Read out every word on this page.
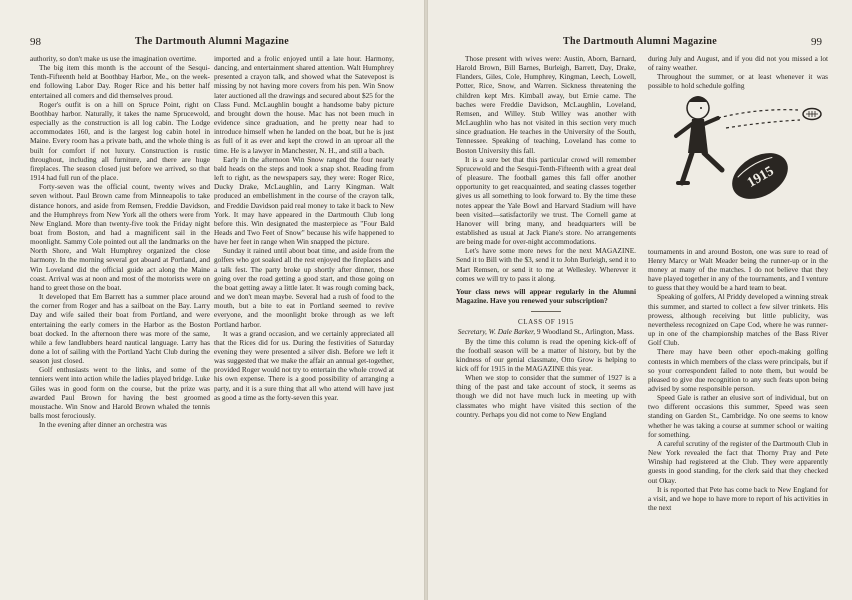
98	The Dartmouth Alumni Magazine

authority, so don't make us use the imagination overtime.

The big item this month is the account of the Sesqui-Tenth-Fifteenth held at Boothbay Harbor, Me., on the week-end following Labor Day. Roger Rice and his better half entertained all comers and did themselves proud.

Roger's outfit is on a hill on Spruce Point, right on Boothbay harbor. Naturally, it takes the name Sprucewold, especially as the construction is all log cabin. The Lodge accommodates 160, and is the largest log cabin hotel in Maine. Every room has a private bath, and the whole thing is built for comfort if not luxury. Construction is rustic throughout, including all furniture, and there are huge fireplaces. The season closed just before we arrived, so that 1914 had full run of the place.

Forty-seven was the official count, twenty wives and seven without. Paul Brown came from Minneapolis to take distance honors, and aside from Remsen, Freddie Davidson, and the Humphreys from New York all the others were from New England. More than twenty-five took the Friday night boat from Boston, and had a magnificent sail in the moonlight. Sammy Cole pointed out all the landmarks on the North Shore, and Walt Humphrey organized the close harmony. In the morning several got aboard at Portland, and Win Loveland did the official guide act along the Maine coast. Arrival was at noon and most of the motorists were on hand to greet those on the boat.

It developed that Em Barrett has a summer place around the corner from Roger and has a sailboat on the Bay. Larry Day and wife sailed their boat from Portland, and were entertaining the early comers in the Harbor as the Boston boat docked. In the afternoon there was more of the same, while a few landlubbers heard nautical language. Larry has done a lot of sailing with the Portland Yacht Club during the season just closed.

Golf enthusiasts went to the links, and some of the tenniers went into action while the ladies played bridge. Luke Giles was in good form on the course, but the prize was awarded Paul Brown for having the best groomed moustache. Win Snow and Harold Brown whaled the tennis balls most ferociously.

In the evening after dinner an orchestra was

imported and a frolic enjoyed until a late hour. Harmony, dancing, and entertainment shared attention. Walt Humphrey presented a crayon talk, and showed what the Satevepost is missing by not having more covers from his pen. Win Snow later auctioned all the drawings and secured about $25 for the Class Fund. McLaughlin bought a handsome baby picture and brought down the house. Mac has not been much in evidence since graduation, and he pretty near had to introduce himself when he landed on the boat, but he is just as full of it as ever and kept the crowd in an uproar all the time. He is a lawyer in Manchester, N. H., and still a bach.

Early in the afternoon Win Snow ranged the four nearly bald heads on the steps and took a snap shot. Reading from left to right, as the newspapers say, they were: Roger Rice, Ducky Drake, McLaughlin, and Larry Kingman. Walt produced an embellishment in the course of the crayon talk, and Freddie Davidson paid real money to take it back to New York. It may have appeared in the Dartmouth Club long before this. Win designated the masterpiece as "Four Bald Heads and Two Feet of Snow" because his wife happened to have her feet in range when Win snapped the picture.

Sunday it rained until about boat time, and aside from the golfers who got soaked all the rest enjoyed the fireplaces and a talk fest. The party broke up shortly after dinner, those going over the road getting a good start, and those going on the boat getting away a little later. It was rough coming back, and we don't mean maybe. Several had a rush of food to the mouth, but a bite to eat in Portland seemed to revive everyone, and the moonlight broke through as we left Portland harbor.

It was a grand occasion, and we certainly appreciated all that the Rices did for us. During the festivities of Saturday evening they were presented a silver dish. Before we left it was suggested that we make the affair an annual get-together, provided Roger would not try to entertain the whole crowd at his own expense. There is a good possibility of arranging a party, and it is a sure thing that all who attend will have just as good a time as the forty-seven this year.

The Dartmouth Alumni Magazine	99

Those present with wives were: Austin, Aborn, Barnard, Harold Brown, Bill Barnes, Burleigh, Barrett, Day, Drake, Flanders, Giles, Cole, Humphrey, Kingman, Leech, Lowell, Potter, Rice, Snow, and Warren. Sickness threatening the children kept Mrs. Kimball away, but Ernie came. The baches were Freddie Davidson, McLaughlin, Loveland, Remsen, and Willey. Stub Willey was another with McLaughlin who has not visited in this section very much since graduation. He teaches in the University of the South, Tennessee. Speaking of teaching, Loveland has come to Boston University this fall.

It is a sure bet that this particular crowd will remember Sprucewold and the Sesqui-Tenth-Fifteenth with a great deal of pleasure. The football games this fall offer another opportunity to get reacquainted, and seating classes together gives us all something to look forward to. By the time these notes appear the Yale Bowl and Harvard Stadium will have been visited—satisfactorily we trust. The Cornell game at Hanover will bring many, and headquarters will be established as usual at Jack Piane's store. No arrangements are being made for over-night accommodations.

Let's have some more news for the next MAGAZINE. Send it to Bill with the $3, send it to John Burleigh, send it to Mart Remsen, or send it to me at Wellesley. Wherever it comes we will try to pass it along.

Your class news will appear regularly in the Alumni Magazine. Have you renewed your subscription?

CLASS OF 1915

Secretary, W. Dale Barker, 9 Woodland St., Arlington, Mass.

By the time this column is read the opening kick-off of the football season will be a matter of history, but by the kindness of our genial classmate, Otto Grow is helping to kick off for 1915 in the MAGAZINE this year.

When we stop to consider that the summer of 1927 is a thing of the past and take account of stock, it seems as though we did not have much luck in meeting up with classmates who might have visited this section of the country. Perhaps you did not come to New England

during July and August, and if you did not you missed a lot of rainy weather.

Throughout the summer, or at least whenever it was possible to hold schedule golfing

tournaments in and around Boston, one was sure to read of Henry Marcy or Walt Meader being the runner-up or in the money at many of the matches. I do not believe that they have played together in any of the tournaments, and I venture to guess that they would be a hard team to beat.

Speaking of golfers, Al Priddy developed a winning streak this summer, and started to collect a few silver trinkets. His prowess, although receiving but little publicity, was nevertheless recognized on Cape Cod, where he was runner-up in one of the championship matches of the Bass River Golf Club.

There may have been other epoch-making golfing contests in which members of the class were principals, but if so your correspondent failed to note them, but would be pleased to give due recognition to any such feats upon being advised by some responsible person.

Speed Gale is rather an elusive sort of individual, but on two different occasions this summer, Speed was seen standing on Garden St., Cambridge. No one seems to know whether he was taking a course at summer school or waiting for something.

A careful scrutiny of the register of the Dartmouth Club in New York revealed the fact that Thorny Pray and Pete Winship had registered at the Club. They were apparently guests in good standing, for the clerk said that they checked out Okay.

It is reported that Pete has come back to New England for a visit, and we hope to have more to report of his activities in the next

1915
